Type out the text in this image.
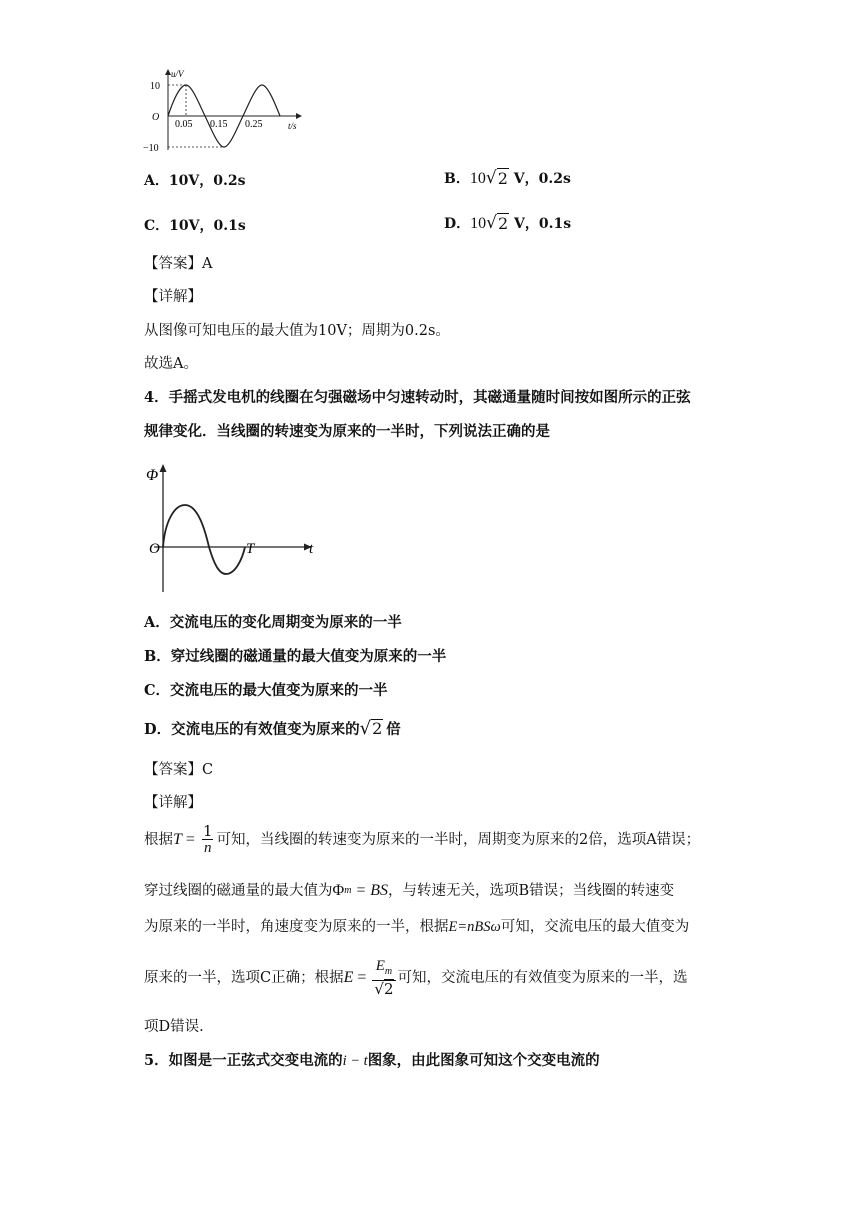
u/V
10
O
−10
0.05 0.15 0.25	t/s
A．10V，0.2s	B．10 √ 2 V，0.2s
C．10V，0.1s	D．10 √ 2 V，0.1s
【答案】A
【详解】
从图像可知电压的最大值为10V；周期为0.2s。
故选A。
4．手摇式发电机的线圈在匀强磁场中匀速转动时，其磁通量随时间按如图所示的正弦
规律变化．当线圈的转速变为原来的一半时，下列说法正确的是
Φ
O	T	t
A．交流电压的变化周期变为原来的一半
B．穿过线圈的磁通量的最大值变为原来的一半
C．交流电压的最大值变为原来的一半
D．交流电压的有效值变为原来的 √ 2 倍
【答案】C
【详解】
根据 $T = \frac{1}{n}$ 可知，当线圈的转速变为原来的一半时，周期变为原来的2倍，选项A错误；
穿过线圈的磁通量的最大值为 Φ m = BS ，与转速无关，选项B错误；当线圈的转速变
为原来的一半时，角速度变为原来的一半，根据E=nBSω可知，交流电压的最大值变为
原来的一半，选项C正确；根据 $E = \frac{E_m}{√2}$ 可知，交流电压的有效值变为原来的一半，选
项D错误.
5．如图是一正弦式交变电流的i − t图象，由此图象可知这个交变电流的
